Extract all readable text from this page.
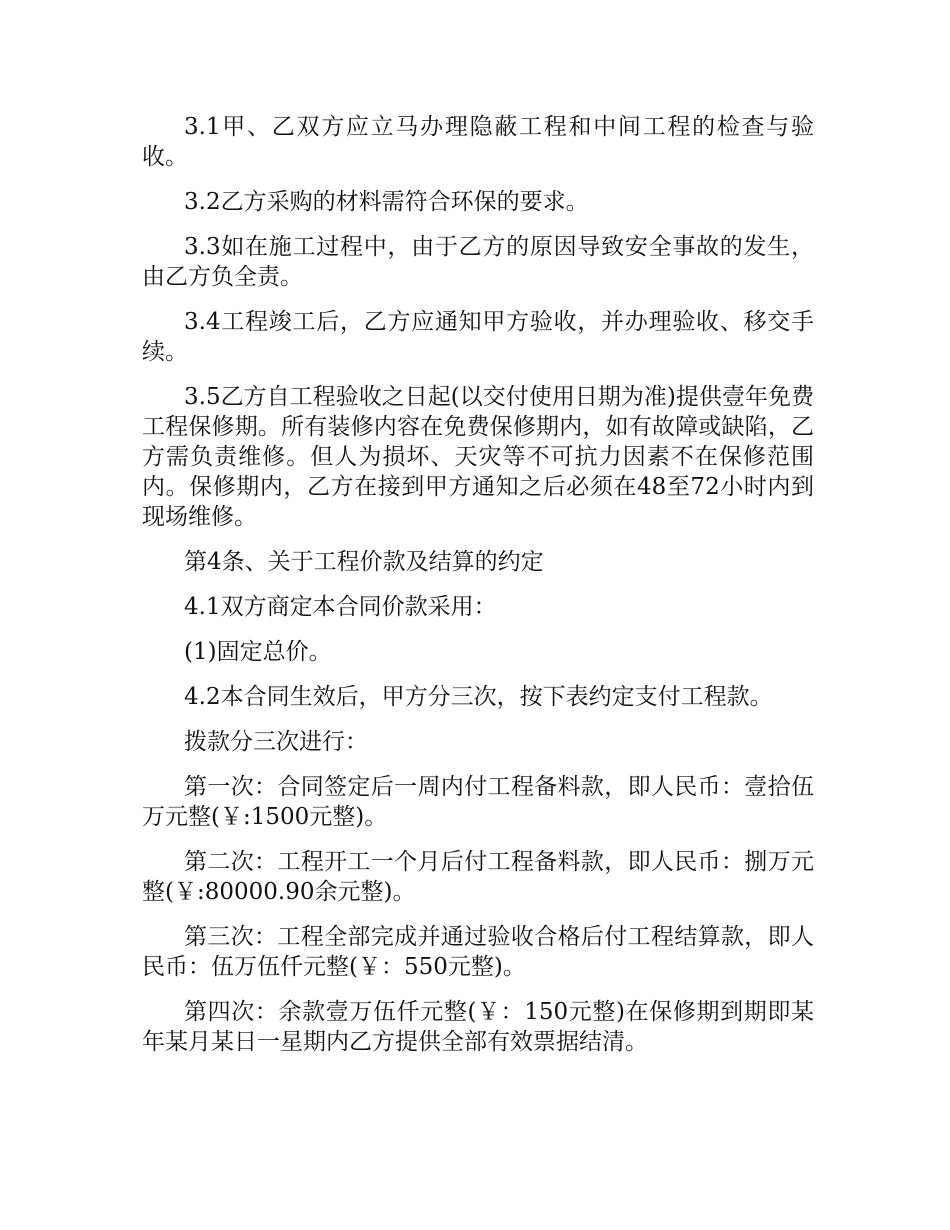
3.1甲、乙双方应立马办理隐蔽工程和中间工程的检查与验收。

3.2乙方采购的材料需符合环保的要求。

3.3如在施工过程中，由于乙方的原因导致安全事故的发生，由乙方负全责。

3.4工程竣工后，乙方应通知甲方验收，并办理验收、移交手续。

3.5乙方自工程验收之日起(以交付使用日期为准)提供壹年免费工程保修期。所有装修内容在免费保修期内，如有故障或缺陷，乙方需负责维修。但人为损坏、天灾等不可抗力因素不在保修范围内。保修期内，乙方在接到甲方通知之后必须在48至72小时内到现场维修。

第4条、关于工程价款及结算的约定

4.1双方商定本合同价款采用：

(1)固定总价。

4.2本合同生效后，甲方分三次，按下表约定支付工程款。

拨款分三次进行：

第一次：合同签定后一周内付工程备料款，即人民币：壹拾伍万元整(￥:1500元整)。

第二次：工程开工一个月后付工程备料款，即人民币：捌万元整(￥:80000.90余元整)。

第三次：工程全部完成并通过验收合格后付工程结算款，即人民币：伍万伍仟元整(￥：550元整)。

第四次：余款壹万伍仟元整(￥：150元整)在保修期到期即某年某月某日一星期内乙方提供全部有效票据结清。
